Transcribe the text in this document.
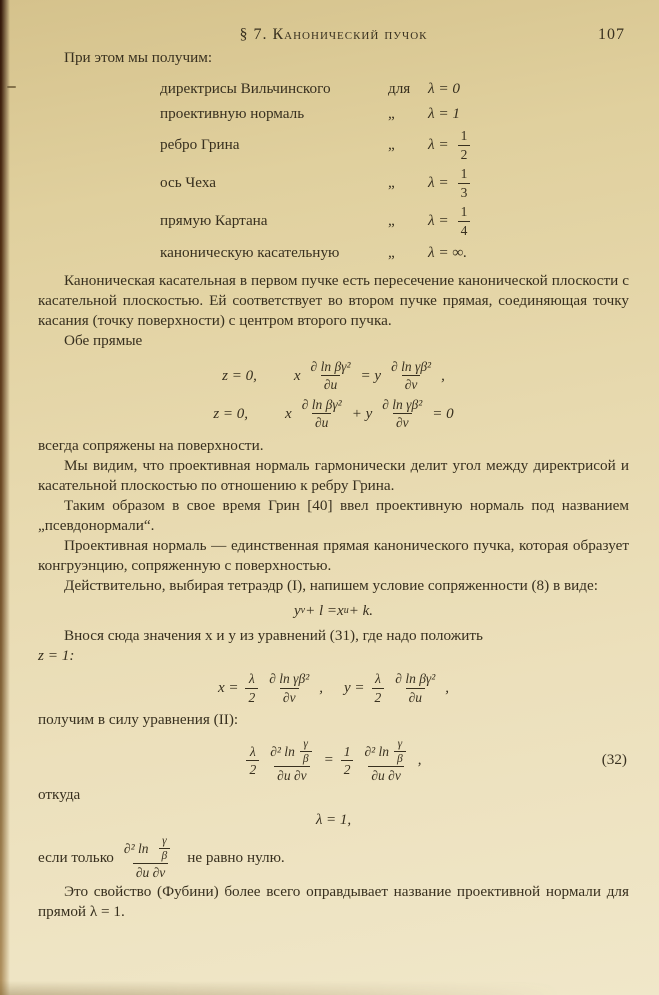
§ 7. Канонический пучок	107

При этом мы получим:

директрисы Вильчинского	для	λ = 0
проективную нормаль	„	λ = 1
ребро Грина	„	$\lambda = \frac{1}{2}$
ось Чеха	„	$\lambda = \frac{1}{3}$
прямую Картана	„	$\lambda = \frac{1}{4}$
каноническую касательную	„	λ = ∞.

Каноническая касательная в первом пучке есть пересечение канонической плоскости с касательной плоскостью. Ей соответствует во втором пучке прямая, соединяющая точку касания (точку поверхности) с центром второго пучка.

Обе прямые

z = 0, x $\frac{\text{∂ ln βγ²}}{\partial u} = y \frac{\text{∂ ln γβ²}}{\partial v}$ ,
z = 0, x $\frac{\text{∂ ln βγ²}}{\partial u} + y \frac{\text{∂ ln γβ²}}{\partial v} = 0$

всегда сопряжены на поверхности.

Мы видим, что проективная нормаль гармонически делит угол между директрисой и касательной плоскостью по отношению к ребру Грина.

Таким образом в свое время Грин [40] ввел проективную нормаль под названием „псевдонормали“.

Проективная нормаль — единственная прямая канонического пучка, которая образует конгруэнцию, сопряженную с поверхностью.

Действительно, выбирая тетраэдр (I), напишем условие сопряженности (8) в виде:

y v + l = x u + k.

Внося сюда значения x и y из уравнений (31), где надо положить

z = 1:

$x = \frac{\lambda}{2} \frac{\text{∂ ln γβ²}}{\partial v}$ , $y = \frac{\lambda}{2} \frac{\text{∂ ln βγ²}}{\partial u}$ ,

получим в силу уравнения (II):

$\frac{\lambda}{2} \frac{\partial^2 \ln \frac{\gamma}{\beta}}{\partial u \partial v} = \frac{1}{2} \frac{\partial^2 \ln \frac{\gamma}{\beta}}{\partial u \partial v}$ ,	(32)

откуда

λ = 1,
если только $\frac{\partial^2 \ln \frac{\gamma}{\beta}}{\partial u \partial v}$ не равно нулю.

Это свойство (Фубини) более всего оправдывает название проективной нормали для прямой λ = 1.
